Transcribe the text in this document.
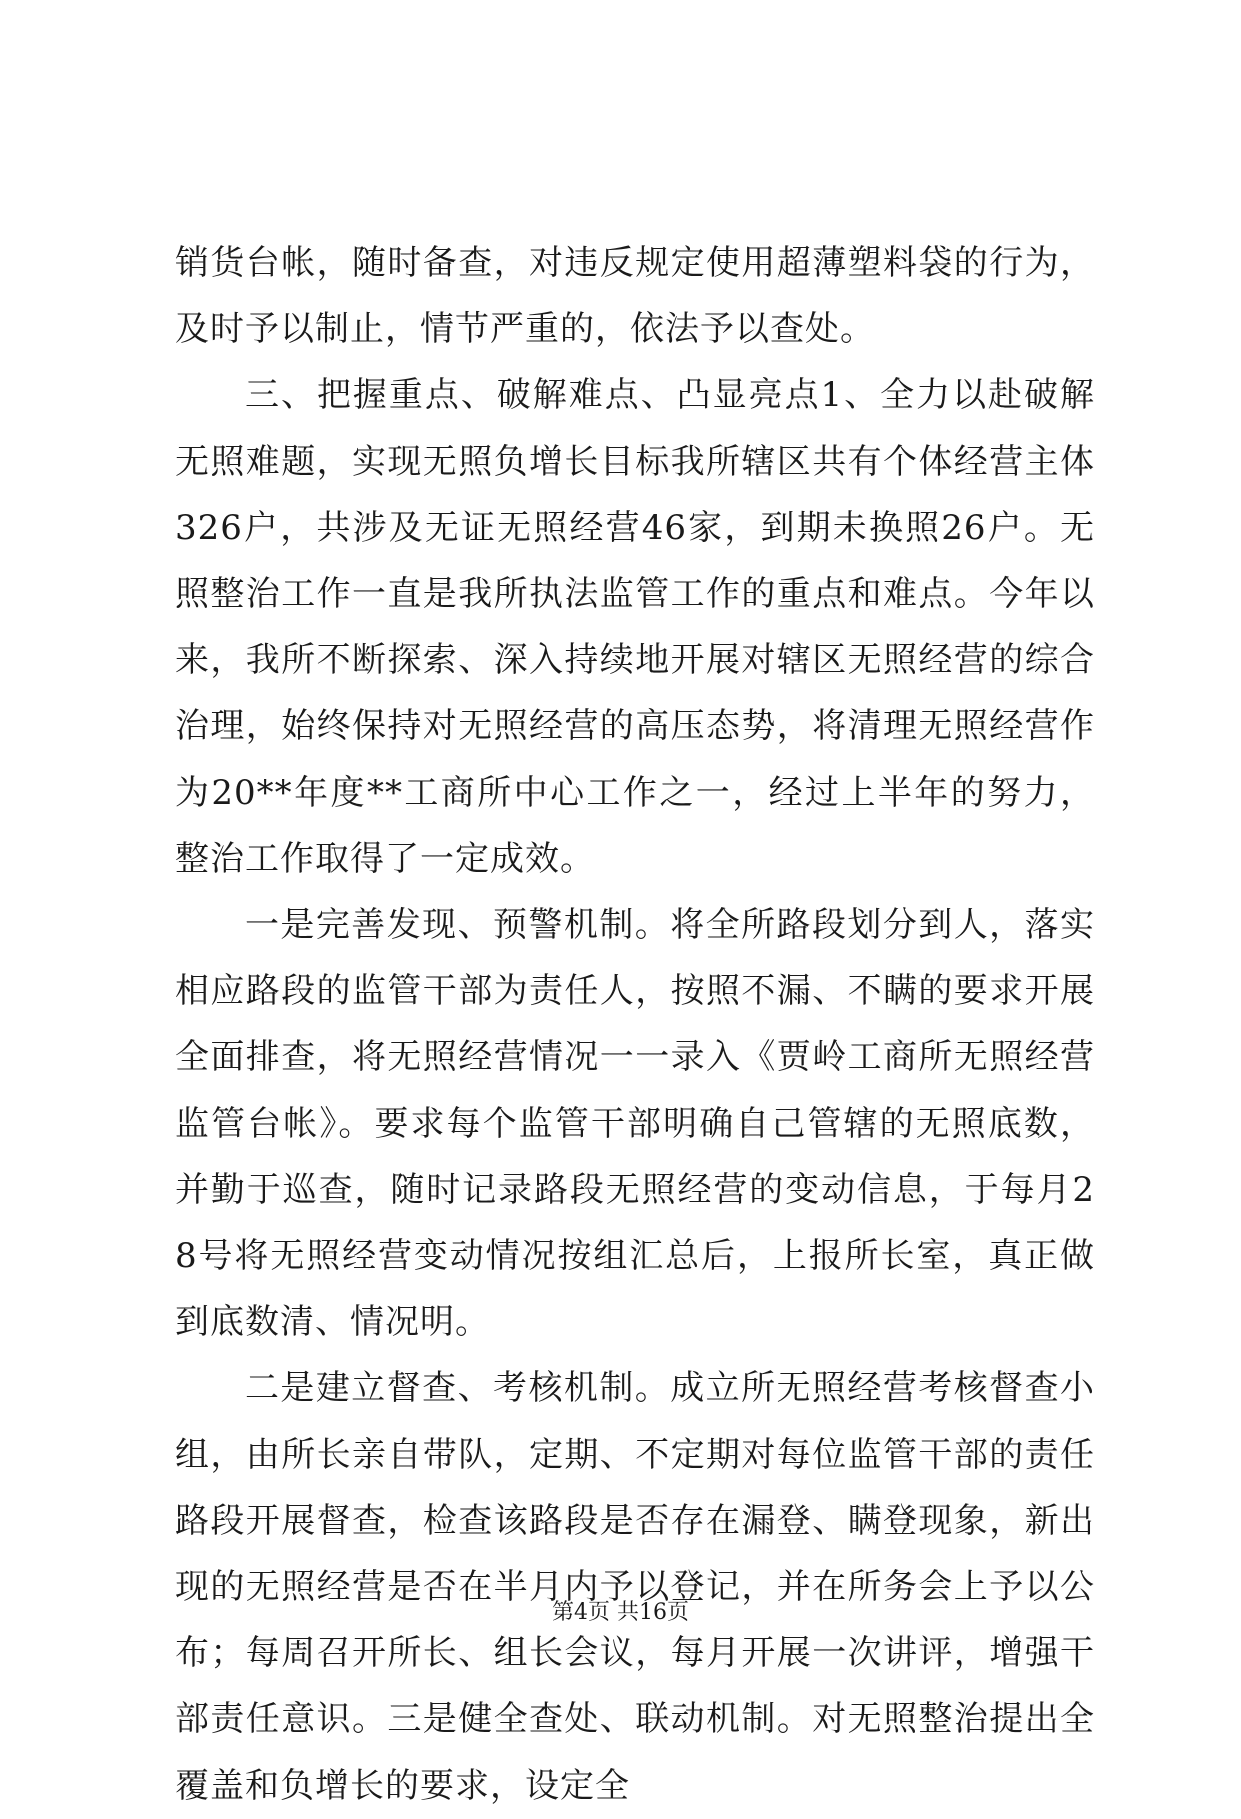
销货台帐，随时备查，对违反规定使用超薄塑料袋的行为，及时予以制止，情节严重的，依法予以查处。

三、把握重点、破解难点、凸显亮点1、全力以赴破解无照难题，实现无照负增长目标我所辖区共有个体经营主体326户，共涉及无证无照经营46家，到期未换照26户。无照整治工作一直是我所执法监管工作的重点和难点。今年以来，我所不断探索、深入持续地开展对辖区无照经营的综合治理，始终保持对无照经营的高压态势，将清理无照经营作为20**年度**工商所中心工作之一，经过上半年的努力，整治工作取得了一定成效。

一是完善发现、预警机制。将全所路段划分到人，落实相应路段的监管干部为责任人，按照不漏、不瞒的要求开展全面排查，将无照经营情况一一录入《贾岭工商所无照经营监管台帐》。要求每个监管干部明确自己管辖的无照底数，并勤于巡查，随时记录路段无照经营的变动信息，于每月28号将无照经营变动情况按组汇总后，上报所长室，真正做到底数清、情况明。

二是建立督查、考核机制。成立所无照经营考核督查小组，由所长亲自带队，定期、不定期对每位监管干部的责任路段开展督查，检查该路段是否存在漏登、瞒登现象，新出现的无照经营是否在半月内予以登记，并在所务会上予以公布；每周召开所长、组长会议，每月开展一次讲评，增强干部责任意识。三是健全查处、联动机制。对无照整治提出全覆盖和负增长的要求，设定全

第4页 共16页
